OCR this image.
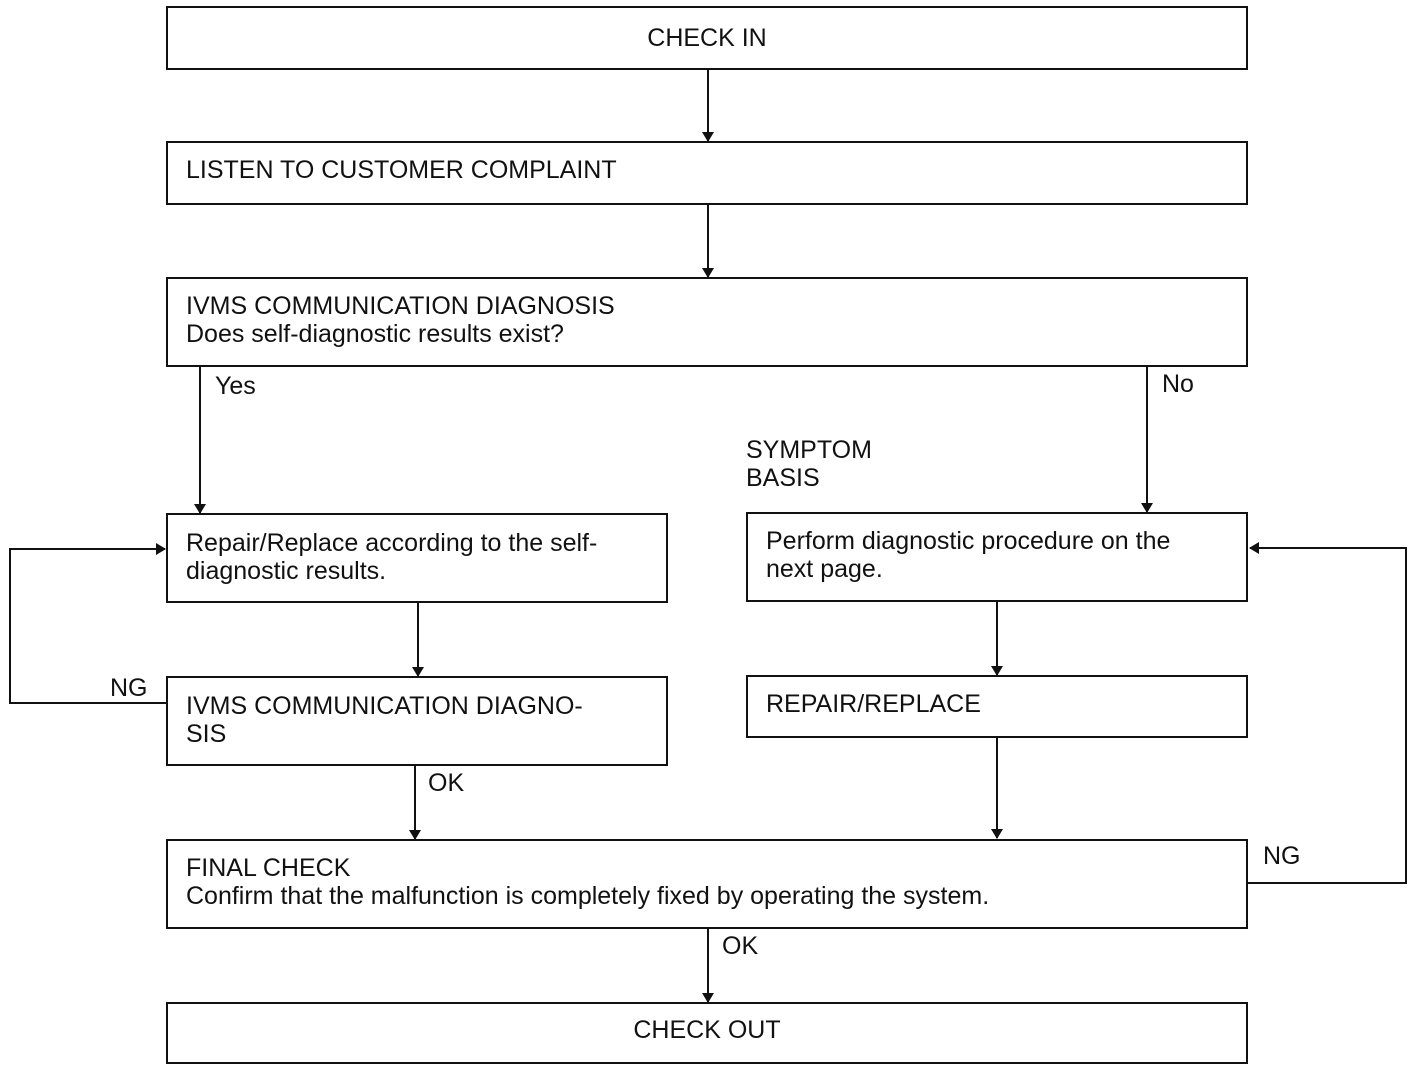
CHECK IN
LISTEN TO CUSTOMER COMPLAINT
IVMS COMMUNICATION DIAGNOSIS
Does self-diagnostic results exist?
Repair/Replace according to the self-
diagnostic results.
IVMS COMMUNICATION DIAGNO-
SIS
Perform diagnostic procedure on the
next page.
REPAIR/REPLACE
FINAL CHECK
Confirm that the malfunction is completely fixed by operating the system.
CHECK OUT
Yes	No
SYMPTOM
BASIS
NG
OK
NG
OK
